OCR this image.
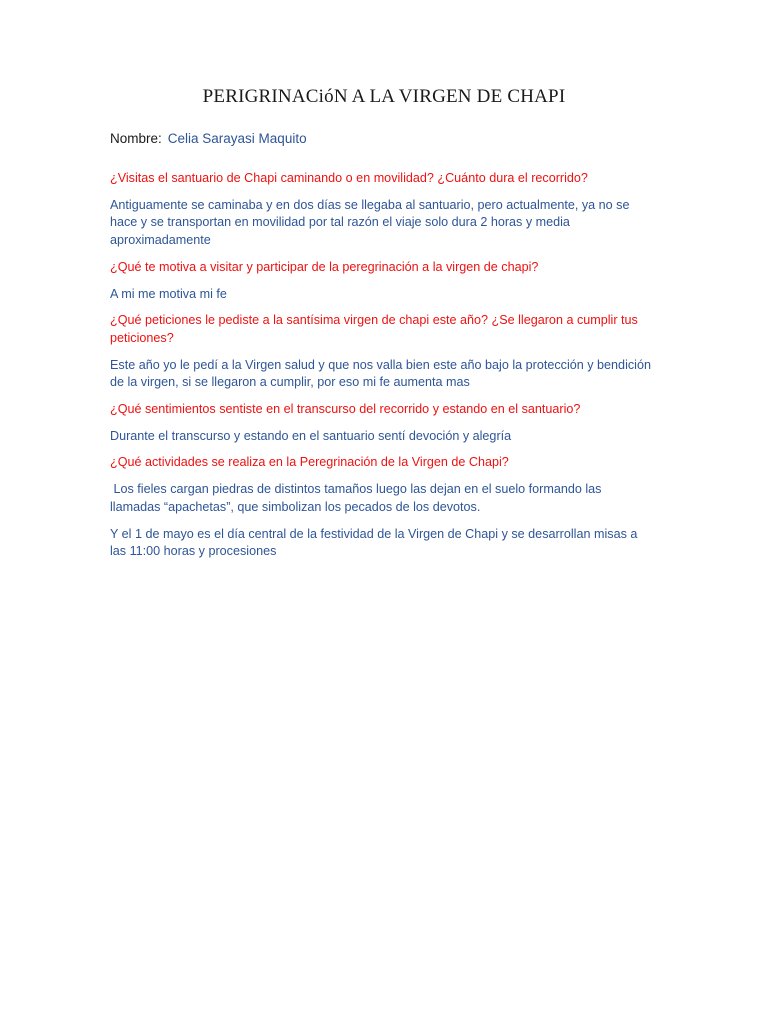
PERIGRINACióN A LA VIRGEN DE CHAPI
Nombre: Celia Sarayasi Maquito

¿Visitas el santuario de Chapi caminando o en movilidad? ¿Cuánto dura el recorrido?

Antiguamente se caminaba y en dos días se llegaba al santuario, pero actualmente, ya no se hace y se transportan en movilidad por tal razón el viaje solo dura 2 horas y media aproximadamente

¿Qué te motiva a visitar y participar de la peregrinación a la virgen de chapi?

A mi me motiva mi fe

¿Qué peticiones le pediste a la santísima virgen de chapi este año? ¿Se llegaron a cumplir tus peticiones?

Este año yo le pedí a la Virgen salud y que nos valla bien este año bajo la protección y bendición de la virgen, si se llegaron a cumplir, por eso mi fe aumenta mas

¿Qué sentimientos sentiste en el transcurso del recorrido y estando en el santuario?

Durante el transcurso y estando en el santuario sentí devoción y alegría

¿Qué actividades se realiza en la Peregrinación de la Virgen de Chapi?

Los fieles cargan piedras de distintos tamaños luego las dejan en el suelo formando las llamadas “apachetas”, que simbolizan los pecados de los devotos.

Y el 1 de mayo es el día central de la festividad de la Virgen de Chapi y se desarrollan misas a las 11:00 horas y procesiones
